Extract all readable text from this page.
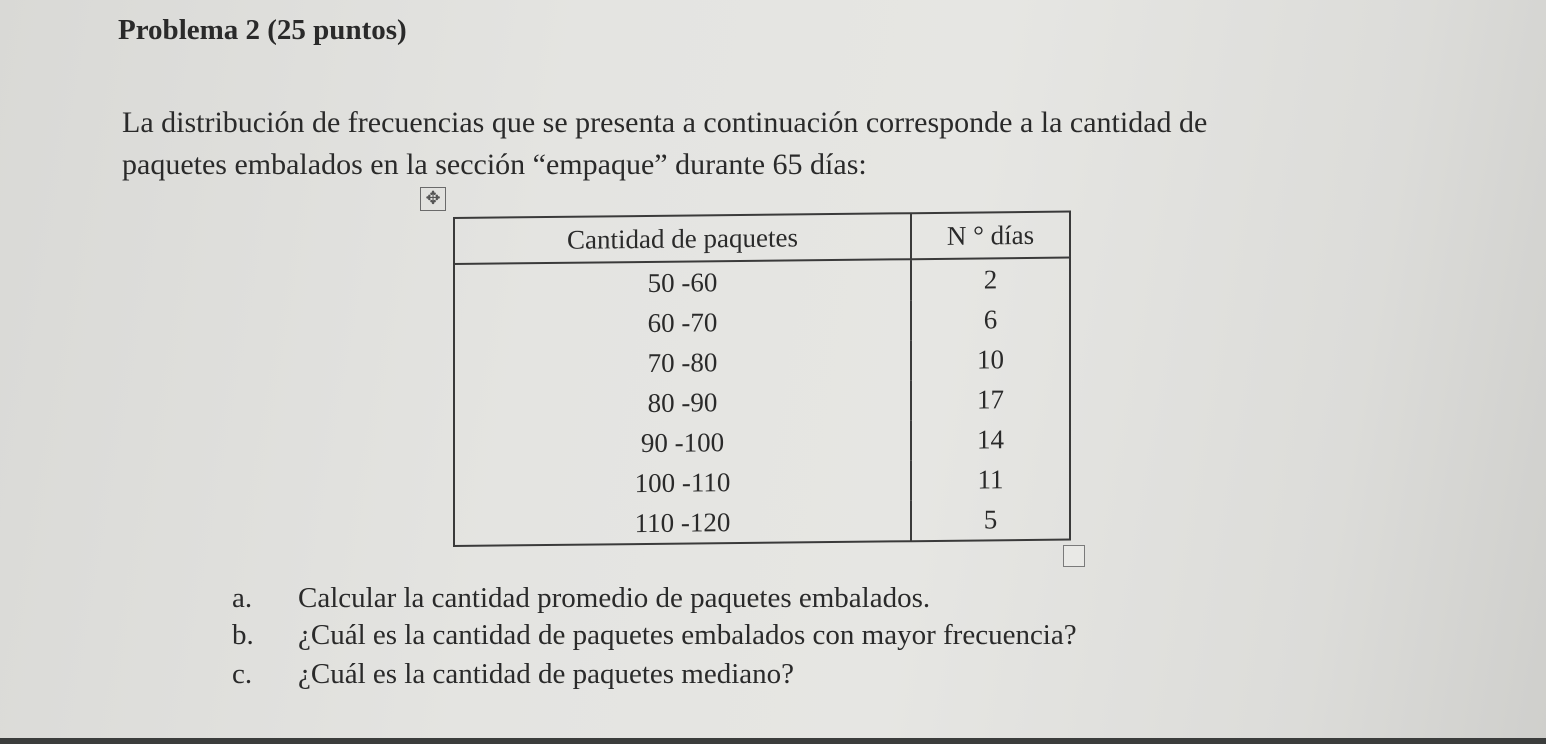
Problema 2 (25 puntos)
La distribución de frecuencias que se presenta a continuación corresponde a la cantidad de
paquetes embalados en la sección “empaque” durante 65 días:
✥
Cantidad de paquetes	N ° días
50 -60	2
60 -70	6
70 -80	10
80 -90	17
90 -100	14
100 -110	11
110 -120	5
a. Calcular la cantidad promedio de paquetes embalados.
b. ¿Cuál es la cantidad de paquetes embalados con mayor frecuencia?
c. ¿Cuál es la cantidad de paquetes mediano?
